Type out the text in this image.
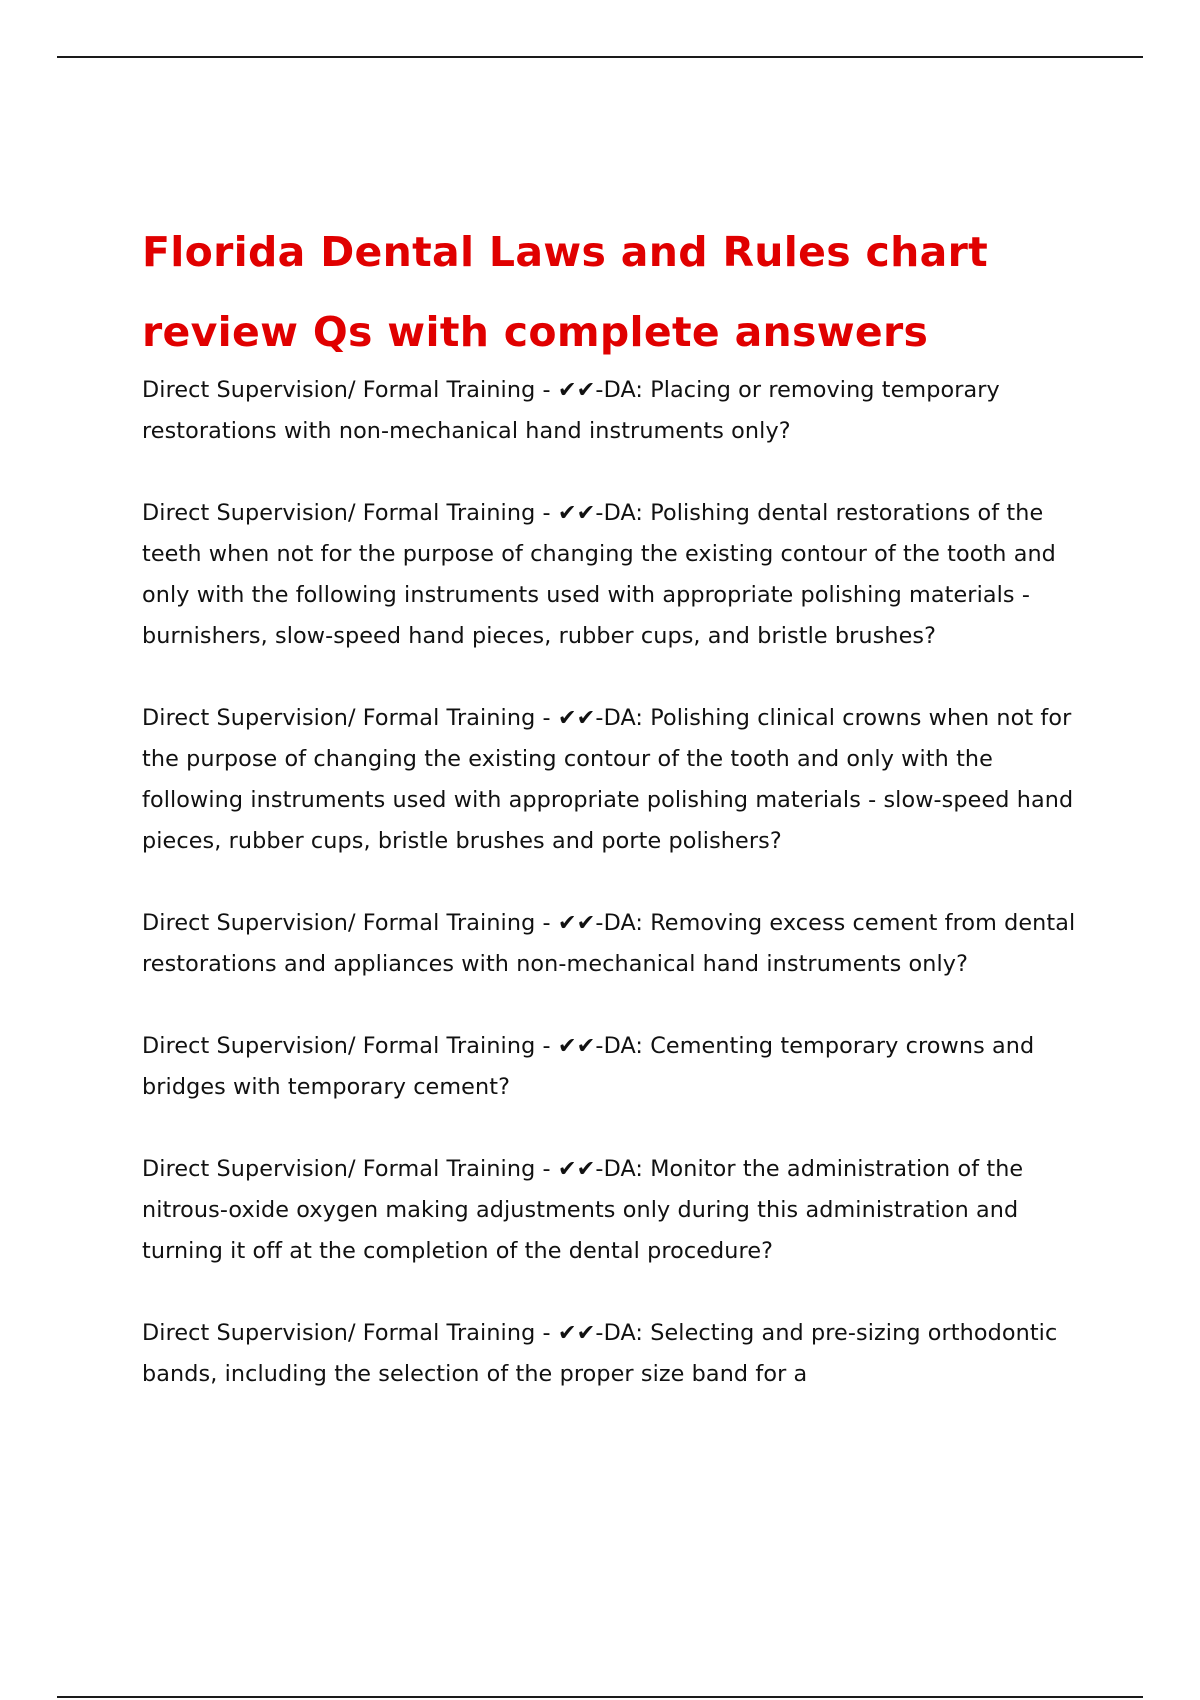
Florida Dental Laws and Rules chart
review Qs with complete answers
Direct Supervision/ Formal Training - ✔✔-DA: Placing or removing temporary restorations with non-mechanical hand instruments only?
Direct Supervision/ Formal Training - ✔✔-DA: Polishing dental restorations of the teeth when not for the purpose of changing the existing contour of the tooth and only with the following instruments used with appropriate polishing materials - burnishers, slow-speed hand pieces, rubber cups, and bristle brushes?
Direct Supervision/ Formal Training - ✔✔-DA: Polishing clinical crowns when not for the purpose of changing the existing contour of the tooth and only with the following instruments used with appropriate polishing materials - slow-speed hand pieces, rubber cups, bristle brushes and porte polishers?
Direct Supervision/ Formal Training - ✔✔-DA: Removing excess cement from dental restorations and appliances with non-mechanical hand instruments only?
Direct Supervision/ Formal Training - ✔✔-DA: Cementing temporary crowns and bridges with temporary cement?
Direct Supervision/ Formal Training - ✔✔-DA: Monitor the administration of the nitrous-oxide oxygen making adjustments only during this administration and turning it off at the completion of the dental procedure?
Direct Supervision/ Formal Training - ✔✔-DA: Selecting and pre-sizing orthodontic bands, including the selection of the proper size band for a
